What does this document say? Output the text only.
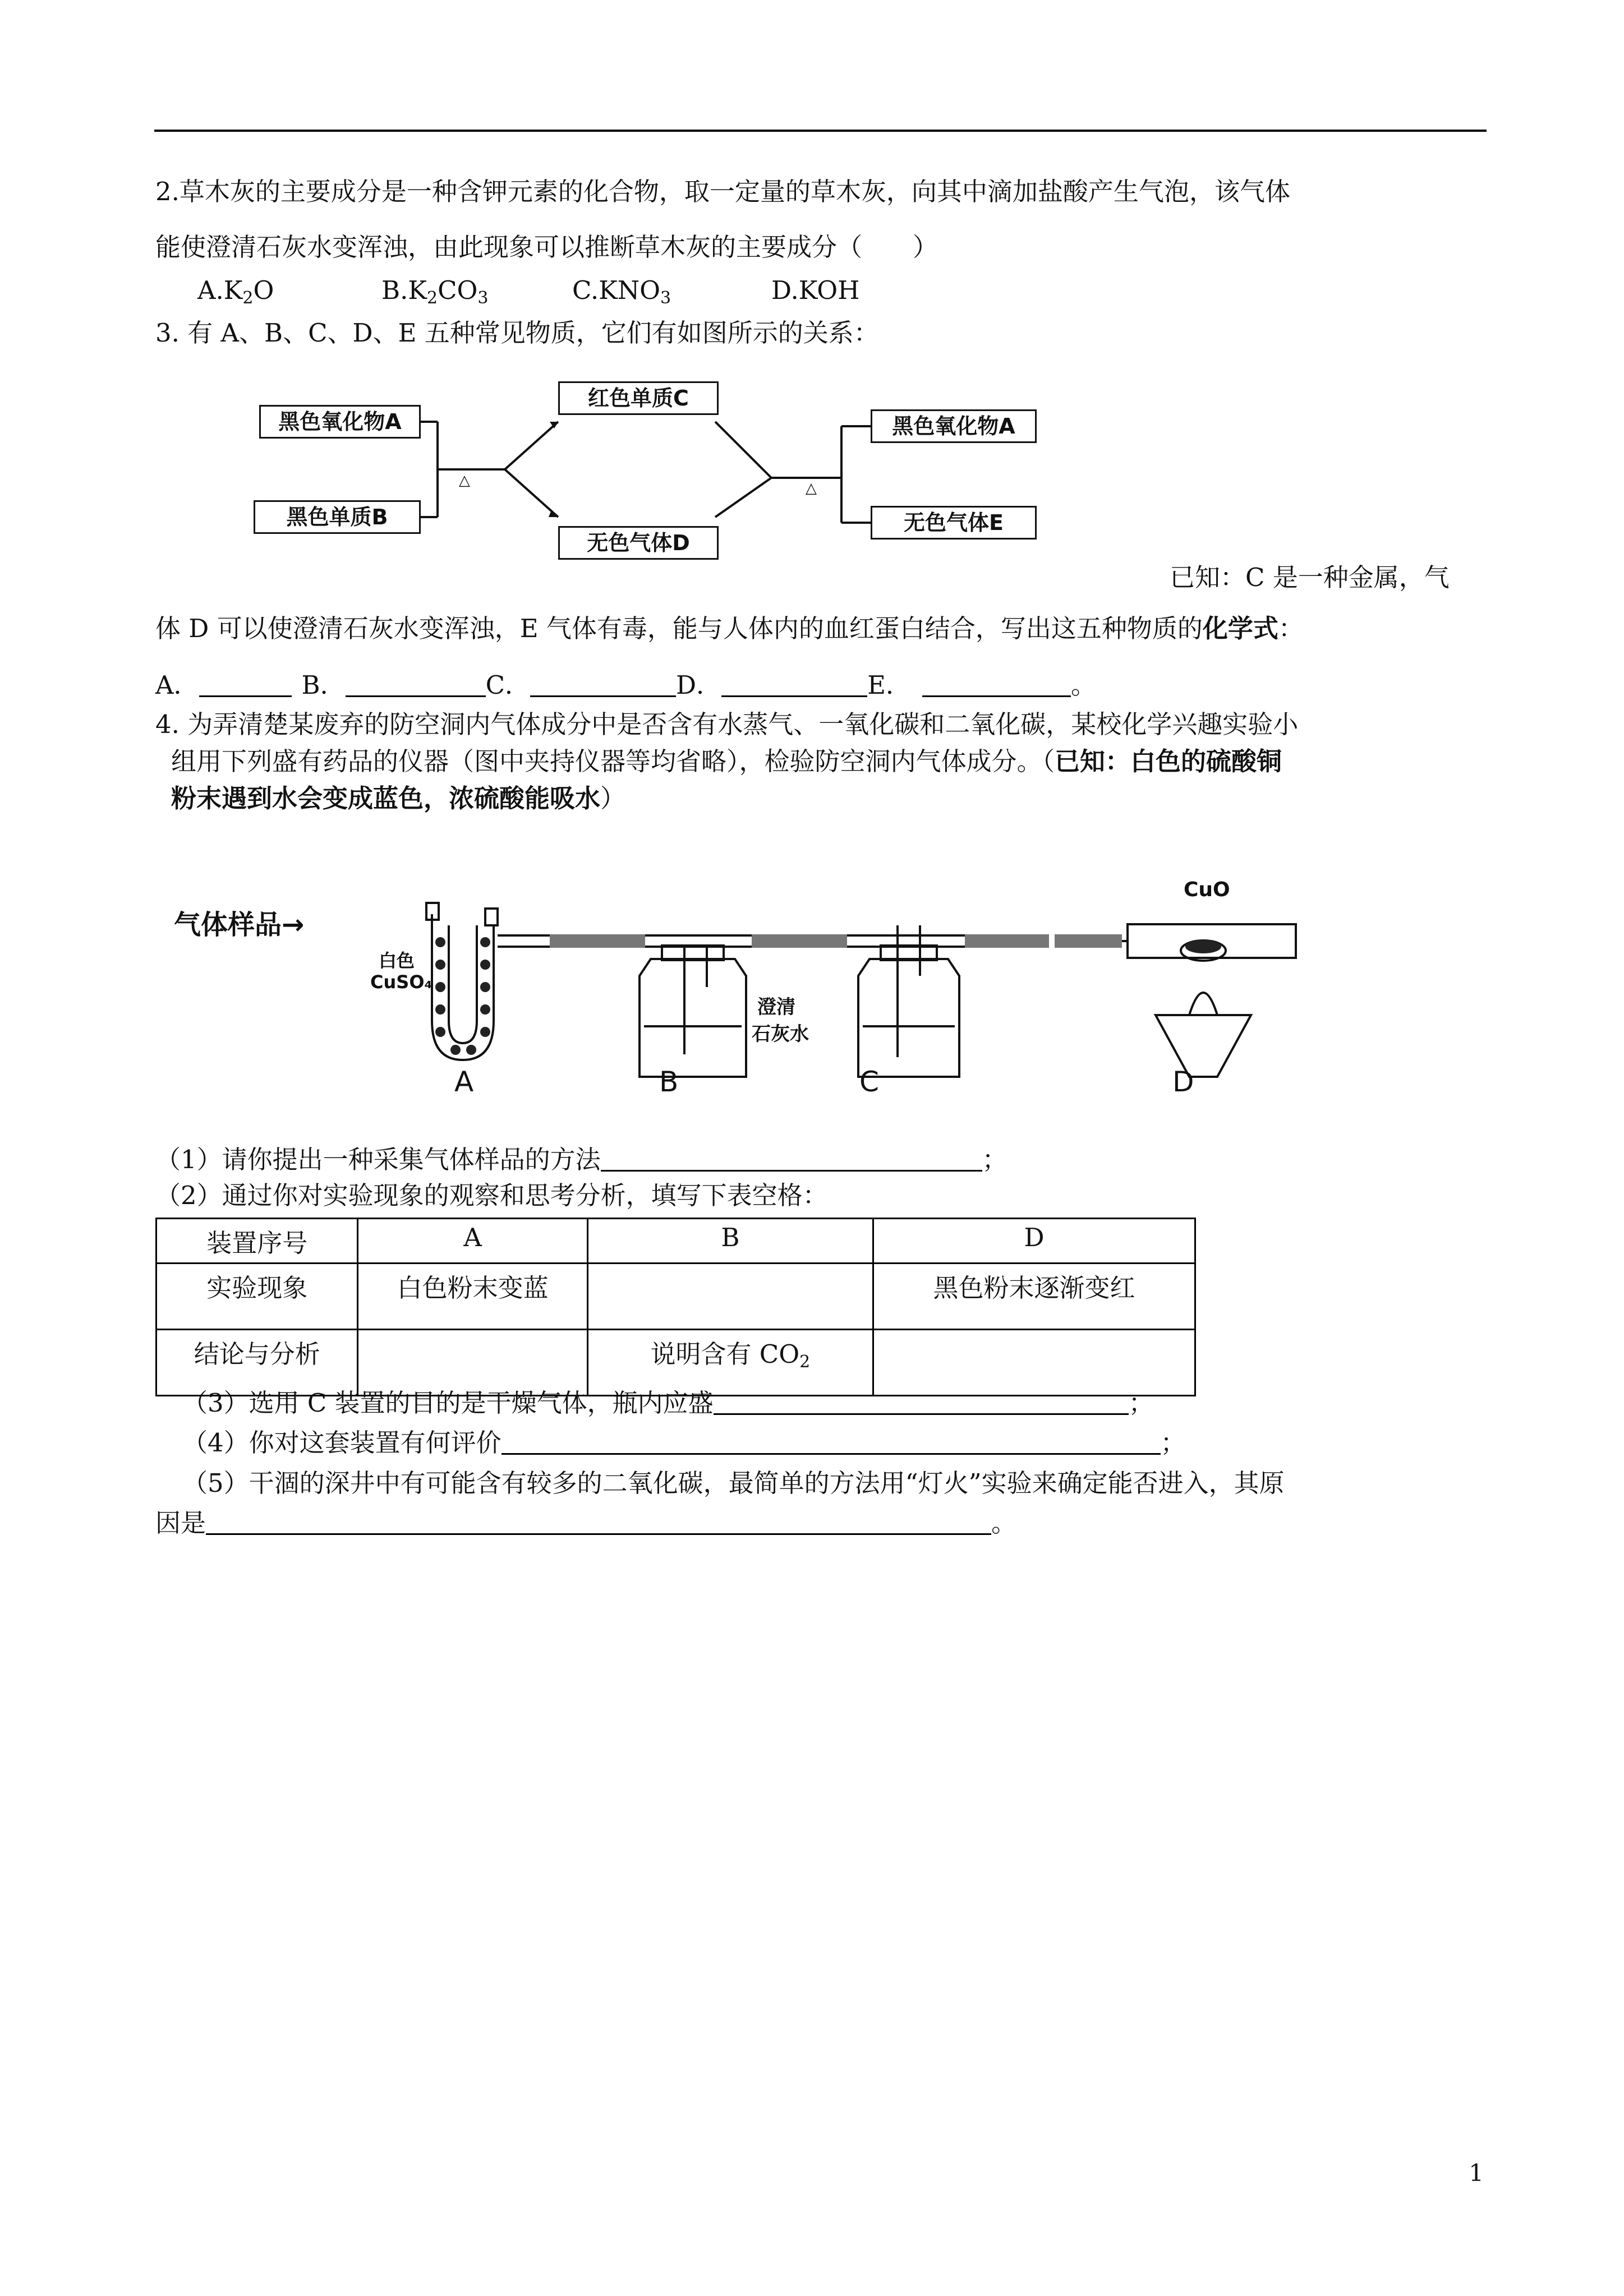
2.草木灰的主要成分是一种含钾元素的化合物，取一定量的草木灰，向其中滴加盐酸产生气泡，该气体
能使澄清石灰水变浑浊，由此现象可以推断草木灰的主要成分（　　）
$A.K_2O$	$B.K_2CO_3$	$C.KNO_3$	D.KOH
3. 有 A、B、C、D、E 五种常见物质，它们有如图所示的关系：
黑色氧化物A
黑色单质B
红色单质C
无色气体D
黑色氧化物A
无色气体E
△	△
已知：C 是一种金属，气
体 D 可以使澄清石灰水变浑浊，E 气体有毒，能与人体内的血红蛋白结合，写出这五种物质的化学式：
A．	B．	C．	D．	E．	。
4. 为弄清楚某废弃的防空洞内气体成分中是否含有水蒸气、一氧化碳和二氧化碳，某校化学兴趣实验小
组用下列盛有药品的仪器（图中夹持仪器等均省略），检验防空洞内气体成分。（已知：白色的硫酸铜
粉末遇到水会变成蓝色，浓硫酸能吸水）
气体样品→
白色
CuSO₄
澄清
石灰水
CuO
A	B	C	D
（1）请你提出一种采集气体样品的方法	；
（2）通过你对实验现象的观察和思考分析，填写下表空格：
装置序号	A	B	D
实验现象	白色粉末变蓝		黑色粉末逐渐变红
结论与分析		说明含有 $CO_2$	
（3）选用 C 装置的目的是干燥气体，瓶内应盛	；
（4）你对这套装置有何评价	；
（5）干涸的深井中有可能含有较多的二氧化碳，最简单的方法用“灯火”实验来确定能否进入，其原
因是	。
1
